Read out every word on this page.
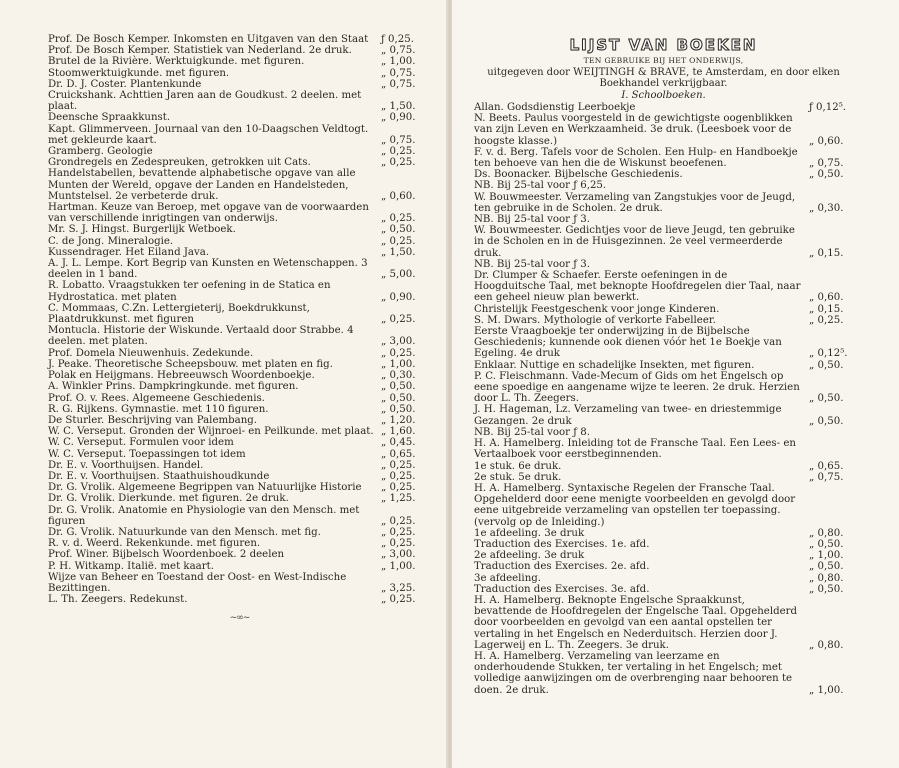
Prof. De Bosch Kemper. Inkomsten en Uitgaven van den Staat	ƒ 0,25.
Prof. De Bosch Kemper. Statistiek van Nederland. 2e druk.	„ 0,75.
Brutel de la Rivière. Werktuigkunde. met figuren.	„ 1,00.
Stoomwerktuigkunde. met figuren.	„ 0,75.
Dr. D. J. Coster. Plantenkunde	„ 0,75.
Cruickshank. Achttien Jaren aan de Goudkust. 2 deelen. met plaat.	„ 1,50.
Deensche Spraakkunst.	„ 0,90.
Kapt. Glimmerveen. Journaal van den 10-Daagschen Veldtogt. met gekleurde kaart.	„ 0,75.
Gramberg. Geologie	„ 0,25.
Grondregels en Zedespreuken, getrokken uit Cats.	„ 0,25.
Handelstabellen, bevattende alphabetische opgave van alle Munten der Wereld, opgave der Landen en Handelsteden, Muntstelsel. 2e verbeterde druk.	„ 0,60.
Hartman. Keuze van Beroep, met opgave van de voorwaarden van verschillende inrigtingen van onderwijs.	„ 0,25.
Mr. S. J. Hingst. Burgerlijk Wetboek.	„ 0,50.
C. de Jong. Mineralogie.	„ 0,25.
Kussendrager. Het Eiland Java.	„ 1,50.
A. J. L. Lempe. Kort Begrip van Kunsten en Wetenschappen. 3 deelen in 1 band.	„ 5,00.
R. Lobatto. Vraagstukken ter oefening in de Statica en Hydrostatica. met platen	„ 0,90.
C. Mommaas, C.Zn. Lettergieterij, Boekdrukkunst, Plaatdrukkunst. met figuren	„ 0,25.
Montucla. Historie der Wiskunde. Vertaald door Strabbe. 4 deelen. met platen.	„ 3,00.
Prof. Domela Nieuwenhuis. Zedekunde.	„ 0,25.
J. Peake. Theoretische Scheepsbouw. met platen en fig.	„ 1,00.
Polak en Heijgmans. Hebreeuwsch Woordenboekje.	„ 0,30.
A. Winkler Prins. Dampkringkunde. met figuren.	„ 0,50.
Prof. O. v. Rees. Algemeene Geschiedenis.	„ 0,50.
R. G. Rijkens. Gymnastie. met 110 figuren.	„ 0,50.
De Sturler. Beschrijving van Palembang.	„ 1,20.
W. C. Verseput. Gronden der Wijnroei- en Peilkunde. met plaat. „ 1,60.
W. C. Verseput. Formulen voor idem	„ 0,45.
W. C. Verseput. Toepassingen tot idem	„ 0,65.
Dr. E. v. Voorthuijsen. Handel.	„ 0,25.
Dr. E. v. Voorthuijsen. Staathuishoudkunde	„ 0,25.
Dr. G. Vrolik. Algemeene Begrippen van Natuurlijke Historie	„ 0,25.
Dr. G. Vrolik. Dierkunde. met figuren. 2e druk.	„ 1,25.
Dr. G. Vrolik. Anatomie en Physiologie van den Mensch. met figuren	„ 0,25.
Dr. G. Vrolik. Natuurkunde van den Mensch. met fig.	„ 0,25.
R. v. d. Weerd. Rekenkunde. met figuren.	„ 0,25.
Prof. Winer. Bijbelsch Woordenboek. 2 deelen	„ 3,00.
P. H. Witkamp. Italië. met kaart.	„ 1,00.
Wijze van Beheer en Toestand der Oost- en West-Indische Bezittingen.	„ 3,25.
L. Th. Zeegers. Redekunst.	„ 0,25.
~∞~
LIJST VAN BOEKEN
TEN GEBRUIKE BIJ HET ONDERWIJS,
uitgegeven door WEIJTINGH & BRAVE, te Amsterdam, en door elken Boekhandel verkrijgbaar.
I. Schoolboeken.
Allan. Godsdienstig Leerboekje	ƒ 0,12⁵.
N. Beets. Paulus voorgesteld in de gewichtigste oogenblikken van zijn Leven en Werkzaamheid. 3e druk. (Leesboek voor de hoogste klasse.)	„ 0,60.
F. v. d. Berg. Tafels voor de Scholen. Een Hulp- en Handboekje ten behoeve van hen die de Wiskunst beoefenen.	„ 0,75.
Ds. Boonacker. Bijbelsche Geschiedenis.	„ 0,50.
NB. Bij 25-tal voor ƒ 6,25.
W. Bouwmeester. Verzameling van Zangstukjes voor de Jeugd, ten gebruike in de Scholen. 2e druk.	„ 0,30.
NB. Bij 25-tal voor ƒ 3.
W. Bouwmeester. Gedichtjes voor de lieve Jeugd, ten gebruike in de Scholen en in de Huisgezinnen. 2e veel vermeerderde druk.	„ 0,15.
NB. Bij 25-tal voor ƒ 3.
Dr. Clumper & Schaefer. Eerste oefeningen in de Hoogduitsche Taal, met beknopte Hoofdregelen dier Taal, naar een geheel nieuw plan bewerkt.	„ 0,60.
Christelijk Feestgeschenk voor jonge Kinderen.	„ 0,15.
S. M. Dwars. Mythologie of verkorte Fabelleer.	„ 0,25.
Eerste Vraagboekje ter onderwijzing in de Bijbelsche Geschiedenis; kunnende ook dienen vóór het 1e Boekje van Egeling. 4e druk	„ 0,12⁵.
Enklaar. Nuttige en schadelijke Insekten, met figuren.	„ 0,50.
P. C. Fleischmann. Vade-Mecum of Gids om het Engelsch op eene spoedige en aangename wijze te leeren. 2e druk. Herzien door L. Th. Zeegers.	„ 0,50.
J. H. Hageman, Lz. Verzameling van twee- en driestemmige Gezangen. 2e druk	„ 0,50.
NB. Bij 25-tal voor ƒ 8.
H. A. Hamelberg. Inleiding tot de Fransche Taal. Een Lees- en Vertaalboek voor eerstbeginnenden.
1e stuk. 6e druk.	„ 0,65.
2e stuk. 5e druk.	„ 0,75.
H. A. Hamelberg. Syntaxische Regelen der Fransche Taal. Opgehelderd door eene menigte voorbeelden en gevolgd door eene uitgebreide verzameling van opstellen ter toepassing. (vervolg op de Inleiding.)
1e afdeeling. 3e druk	„ 0,80.
Traduction des Exercises. 1e. afd.	„ 0,50.
2e afdeeling. 3e druk	„ 1,00.
Traduction des Exercises. 2e. afd.	„ 0,50.
3e afdeeling.	„ 0,80.
Traduction des Exercises. 3e. afd.	„ 0,50.
H. A. Hamelberg. Beknopte Engelsche Spraakkunst, bevattende de Hoofdregelen der Engelsche Taal. Opgehelderd door voorbeelden en gevolgd van een aantal opstellen ter vertaling in het Engelsch en Nederduitsch. Herzien door J. Lagerweij en L. Th. Zeegers. 3e druk.	„ 0,80.
H. A. Hamelberg. Verzameling van leerzame en onderhoudende Stukken, ter vertaling in het Engelsch; met volledige aanwijzingen om de overbrenging naar behooren te doen. 2e druk.	„ 1,00.
